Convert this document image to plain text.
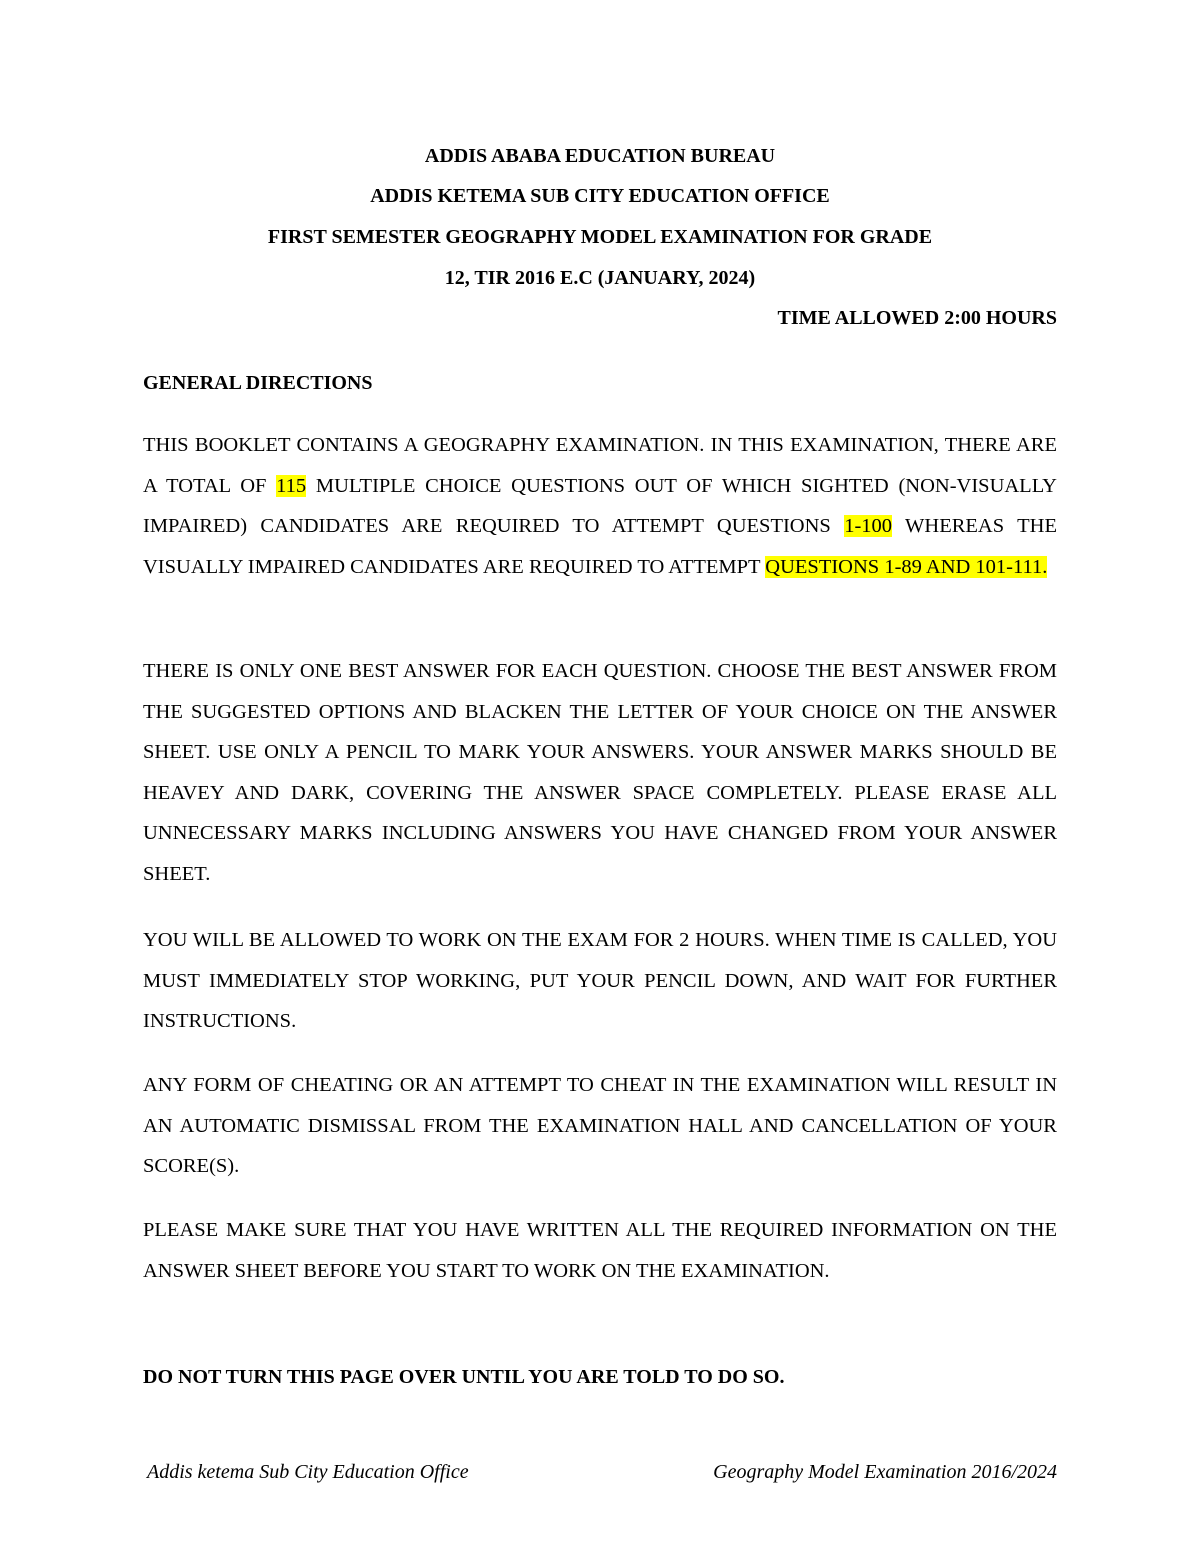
ADDIS ABABA EDUCATION BUREAU
ADDIS KETEMA SUB CITY EDUCATION OFFICE
FIRST SEMESTER GEOGRAPHY MODEL EXAMINATION FOR GRADE
12, TIR 2016 E.C (JANUARY, 2024)
TIME ALLOWED 2:00 HOURS
GENERAL DIRECTIONS

THIS BOOKLET CONTAINS A GEOGRAPHY EXAMINATION. IN THIS EXAMINATION, THERE ARE A TOTAL OF 115 MULTIPLE CHOICE QUESTIONS OUT OF WHICH SIGHTED (NON-VISUALLY IMPAIRED) CANDIDATES ARE REQUIRED TO ATTEMPT QUESTIONS 1-100 WHEREAS THE VISUALLY IMPAIRED CANDIDATES ARE REQUIRED TO ATTEMPT QUESTIONS 1-89 AND 101-111.

THERE IS ONLY ONE BEST ANSWER FOR EACH QUESTION. CHOOSE THE BEST ANSWER FROM THE SUGGESTED OPTIONS AND BLACKEN THE LETTER OF YOUR CHOICE ON THE ANSWER SHEET. USE ONLY A PENCIL TO MARK YOUR ANSWERS. YOUR ANSWER MARKS SHOULD BE HEAVEY AND DARK, COVERING THE ANSWER SPACE COMPLETELY. PLEASE ERASE ALL UNNECESSARY MARKS INCLUDING ANSWERS YOU HAVE CHANGED FROM YOUR ANSWER SHEET.

YOU WILL BE ALLOWED TO WORK ON THE EXAM FOR 2 HOURS. WHEN TIME IS CALLED, YOU MUST IMMEDIATELY STOP WORKING, PUT YOUR PENCIL DOWN, AND WAIT FOR FURTHER INSTRUCTIONS.

ANY FORM OF CHEATING OR AN ATTEMPT TO CHEAT IN THE EXAMINATION WILL RESULT IN AN AUTOMATIC DISMISSAL FROM THE EXAMINATION HALL AND CANCELLATION OF YOUR SCORE(S).

PLEASE MAKE SURE THAT YOU HAVE WRITTEN ALL THE REQUIRED INFORMATION ON THE ANSWER SHEET BEFORE YOU START TO WORK ON THE EXAMINATION.

DO NOT TURN THIS PAGE OVER UNTIL YOU ARE TOLD TO DO SO.
Addis ketema Sub City Education Office	Geography Model Examination 2016/2024
